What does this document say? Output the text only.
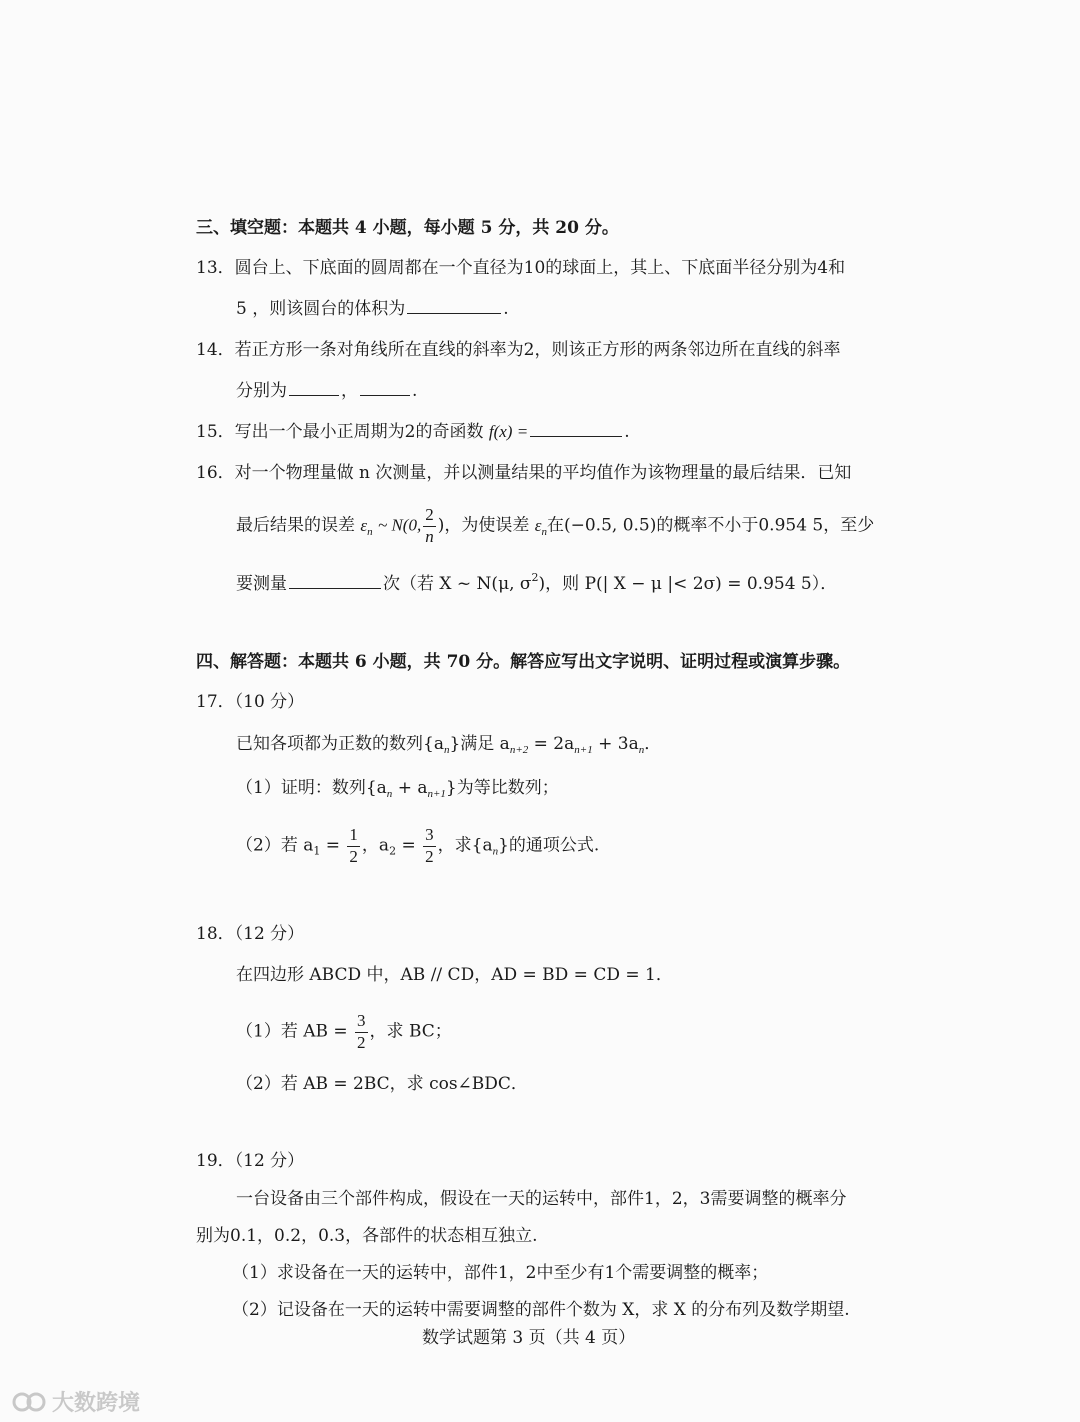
三、填空题：本题共 4 小题，每小题 5 分，共 20 分。
13．圆台上、下底面的圆周都在一个直径为10的球面上，其上、下底面半径分别为4和
5 ，则该圆台的体积为	.
14．若正方形一条对角线所在直线的斜率为2，则该正方形的两条邻边所在直线的斜率
分别为	，	.
15．写出一个最小正周期为2的奇函数 f(x) =	.
16．对一个物理量做 n 次测量，并以测量结果的平均值作为该物理量的最后结果．已知
最后结果的误差 $\varepsilon_n$ ~ N(0, $\frac{2}{n}$ )，为使误差 $\varepsilon_n$在(−0.5, 0.5)的概率不小于0.954 5，至少
要测量	次（若 X ~ N(μ, $\sigma^2$)，则 P(| X − μ |< 2σ) = 0.954 5）．
四、解答题：本题共 6 小题，共 70 分。解答应写出文字说明、证明过程或演算步骤。
17．（10 分）
已知各项都为正数的数列$\{a_n\}$满足 $a_{n+2} = 2a_{n+1} + 3a_n$．
（1）证明：数列$\{a_n + a_{n+1}\}$为等比数列；
（2）若 $a_1 = \frac{1}{2}$ ，$a_2 = \frac{3}{2}$ ，求$\{a_n\}$的通项公式.
18．（12 分）
在四边形 ABCD 中，AB // CD，AD = BD = CD = 1．
（1）若 AB = $\frac{3}{2}$ ，求 BC；
（2）若 AB = 2BC，求 cos∠BDC．
19．（12 分）
一台设备由三个部件构成，假设在一天的运转中，部件1，2，3需要调整的概率分
别为0.1，0.2，0.3，各部件的状态相互独立.
（1）求设备在一天的运转中，部件1，2中至少有1个需要调整的概率；
（2）记设备在一天的运转中需要调整的部件个数为 X，求 X 的分布列及数学期望.
数学试题第 3 页（共 4 页）
大数跨境
